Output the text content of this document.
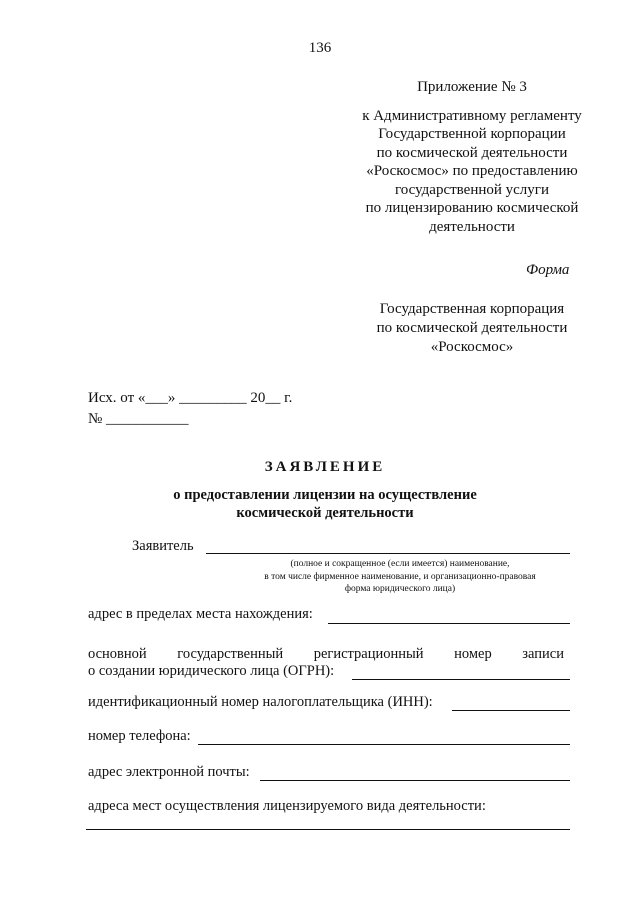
136
Приложение № 3
к Административному регламенту
Государственной корпорации
по космической деятельности
«Роскосмос» по предоставлению
государственной услуги
по лицензированию космической
деятельности
Форма
Государственная корпорация
по космической деятельности
«Роскосмос»
Исх. от «___» _________ 20__ г.
№ ___________
ЗАЯВЛЕНИЕ
о предоставлении лицензии на осуществление
космической деятельности
Заявитель
(полное и сокращенное (если имеется) наименование,
в том числе фирменное наименование, и организационно-правовая
форма юридического лица)
адрес в пределах места нахождения:
основной государственный регистрационный номер записи
о создании юридического лица (ОГРН):
идентификационный номер налогоплательщика (ИНН):
номер телефона:
адрес электронной почты:
адреса мест осуществления лицензируемого вида деятельности:
